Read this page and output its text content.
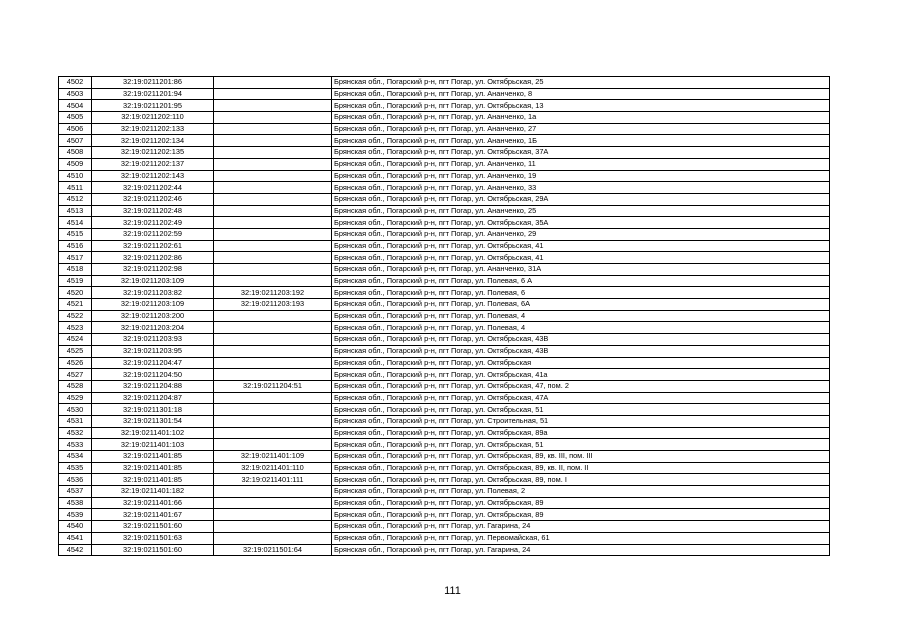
4502	32:19:0211201:86		Брянская обл., Погарский р-н, пгт Погар, ул. Октябрьская, 25
4503	32:19:0211201:94		Брянская обл., Погарский р-н, пгт Погар, ул. Ананченко, 8
4504	32:19:0211201:95		Брянская обл., Погарский р-н, пгт Погар, ул. Октябрьская, 13
4505	32:19:0211202:110		Брянская обл., Погарский р-н, пгт Погар, ул. Ананченко, 1а
4506	32:19:0211202:133		Брянская обл., Погарский р-н, пгт Погар, ул. Ананченко, 27
4507	32:19:0211202:134		Брянская обл., Погарский р-н, пгт Погар, ул. Ананченко, 1Б
4508	32:19:0211202:135		Брянская обл., Погарский р-н, пгт Погар, ул. Октябрьская, 37А
4509	32:19:0211202:137		Брянская обл., Погарский р-н, пгт Погар, ул. Ананченко, 11
4510	32:19:0211202:143		Брянская обл., Погарский р-н, пгт Погар, ул. Ананченко, 19
4511	32:19:0211202:44		Брянская обл., Погарский р-н, пгт Погар, ул. Ананченко, 33
4512	32:19:0211202:46		Брянская обл., Погарский р-н, пгт Погар, ул. Октябрьская, 29А
4513	32:19:0211202:48		Брянская обл., Погарский р-н, пгт Погар, ул. Ананченко, 25
4514	32:19:0211202:49		Брянская обл., Погарский р-н, пгт Погар, ул. Октябрьская, 35А
4515	32:19:0211202:59		Брянская обл., Погарский р-н, пгт Погар, ул. Ананченко, 29
4516	32:19:0211202:61		Брянская обл., Погарский р-н, пгт Погар, ул. Октябрьская, 41
4517	32:19:0211202:86		Брянская обл., Погарский р-н, пгт Погар, ул. Октябрьская, 41
4518	32:19:0211202:98		Брянская обл., Погарский р-н, пгт Погар, ул. Ананченко, 31А
4519	32:19:0211203:109		Брянская обл., Погарский р-н, пгт Погар, ул. Полевая, 6 А
4520	32:19:0211203:82	32:19:0211203:192	Брянская обл., Погарский р-н, пгт Погар, ул. Полевая, 6
4521	32:19:0211203:109	32:19:0211203:193	Брянская обл., Погарский р-н, пгт Погар, ул. Полевая, 6А
4522	32:19:0211203:200		Брянская обл., Погарский р-н, пгт Погар, ул. Полевая, 4
4523	32:19:0211203:204		Брянская обл., Погарский р-н, пгт Погар, ул. Полевая, 4
4524	32:19:0211203:93		Брянская обл., Погарский р-н, пгт Погар, ул. Октябрьская, 43В
4525	32:19:0211203:95		Брянская обл., Погарский р-н, пгт Погар, ул. Октябрьская, 43В
4526	32:19:0211204:47		Брянская обл., Погарский р-н, пгт Погар, ул. Октябрьская
4527	32:19:0211204:50		Брянская обл., Погарский р-н, пгт Погар, ул. Октябрьская, 41а
4528	32:19:0211204:88	32:19:0211204:51	Брянская обл., Погарский р-н, пгт Погар, ул. Октябрьская, 47, пом. 2
4529	32:19:0211204:87		Брянская обл., Погарский р-н, пгт Погар, ул. Октябрьская, 47А
4530	32:19:0211301:18		Брянская обл., Погарский р-н, пгт Погар, ул. Октябрьская, 51
4531	32:19:0211301:54		Брянская обл., Погарский р-н, пгт Погар, ул. Строительная, 51
4532	32:19:0211401:102		Брянская обл., Погарский р-н, пгт Погар, ул. Октябрьская, 89а
4533	32:19:0211401:103		Брянская обл., Погарский р-н, пгт Погар, ул. Октябрьская, 51
4534	32:19:0211401:85	32:19:0211401:109	Брянская обл., Погарский р-н, пгт Погар, ул. Октябрьская, 89, кв. III, пом. III
4535	32:19:0211401:85	32:19:0211401:110	Брянская обл., Погарский р-н, пгт Погар, ул. Октябрьская, 89, кв. II, пом. II
4536	32:19:0211401:85	32:19:0211401:111	Брянская обл., Погарский р-н, пгт Погар, ул. Октябрьская, 89, пом. I
4537	32:19:0211401:182		Брянская обл., Погарский р-н, пгт Погар, ул. Полевая, 2
4538	32:19:0211401:66		Брянская обл., Погарский р-н, пгт Погар, ул. Октябрьская, 89
4539	32:19:0211401:67		Брянская обл., Погарский р-н, пгт Погар, ул. Октябрьская, 89
4540	32:19:0211501:60		Брянская обл., Погарский р-н, пгт Погар, ул. Гагарина, 24
4541	32:19:0211501:63		Брянская обл., Погарский р-н, пгт Погар, ул. Первомайская, 61
4542	32:19:0211501:60	32:19:0211501:64	Брянская обл., Погарский р-н, пгт Погар, ул. Гагарина, 24
111
